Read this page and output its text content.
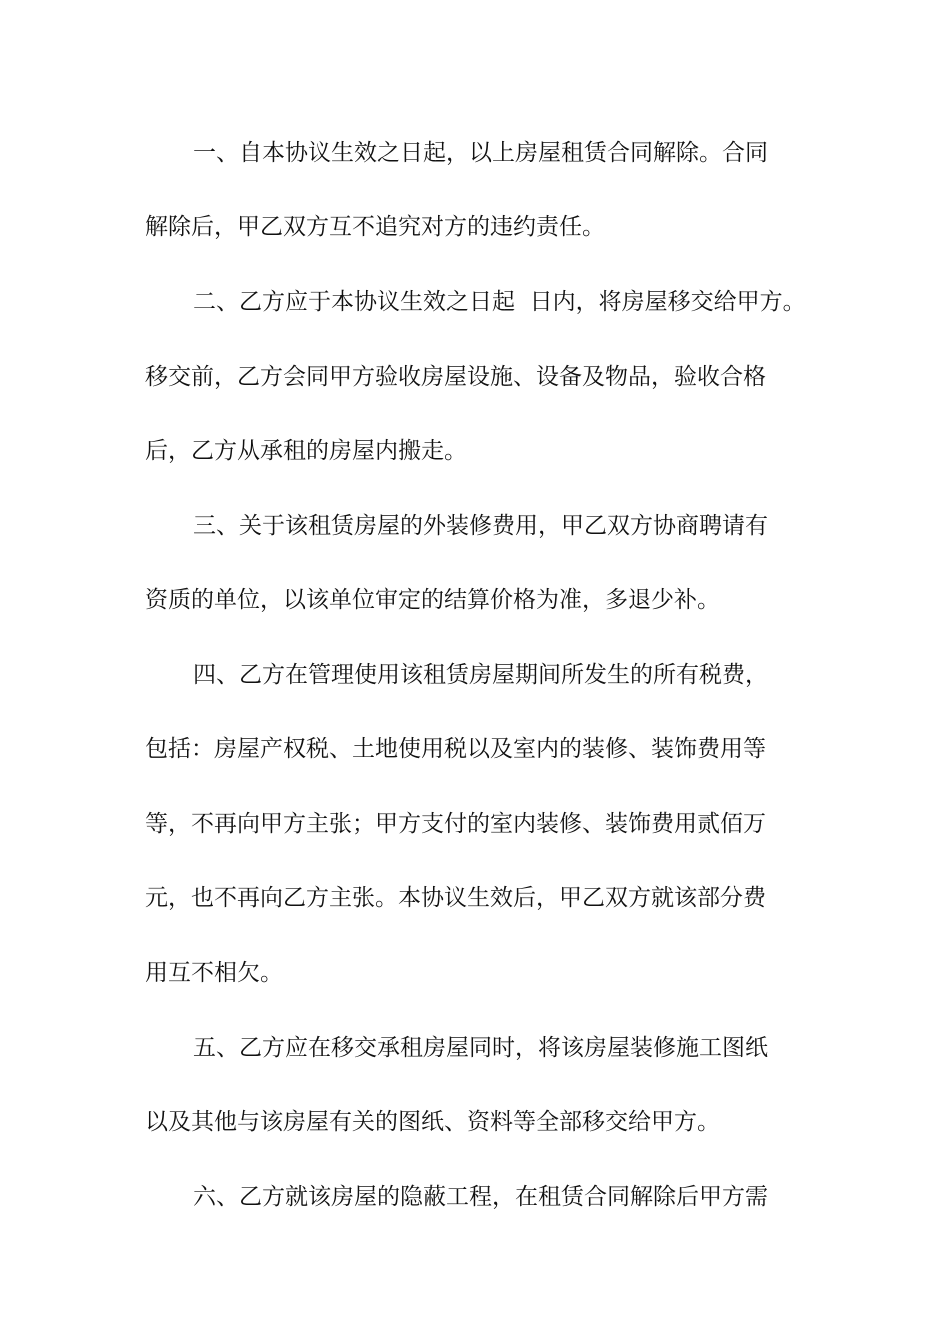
一、自本协议生效之日起，以上房屋租赁合同解除。合同
解除后，甲乙双方互不追究对方的违约责任。
二、乙方应于本协议生效之日起  日内，将房屋移交给甲方。
移交前，乙方会同甲方验收房屋设施、设备及物品，验收合格
后，乙方从承租的房屋内搬走。
三、关于该租赁房屋的外装修费用，甲乙双方协商聘请有
资质的单位，以该单位审定的结算价格为准，多退少补。
四、乙方在管理使用该租赁房屋期间所发生的所有税费，
包括：房屋产权税、土地使用税以及室内的装修、装饰费用等
等，不再向甲方主张；甲方支付的室内装修、装饰费用贰佰万
元，也不再向乙方主张。本协议生效后，甲乙双方就该部分费
用互不相欠。
五、乙方应在移交承租房屋同时，将该房屋装修施工图纸
以及其他与该房屋有关的图纸、资料等全部移交给甲方。
六、乙方就该房屋的隐蔽工程，在租赁合同解除后甲方需
